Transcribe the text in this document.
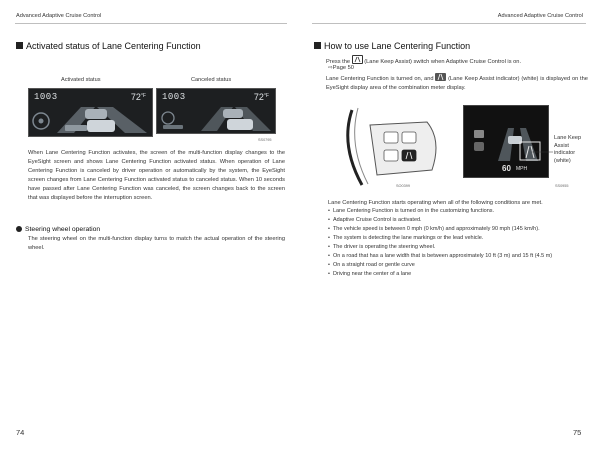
Advanced Adaptive Cruise Control	Advanced Adaptive Cruise Control
Activated status of Lane Centering Function
Activated status	Canceled status
1003	$72^{^\circ F}$ 1003	$72^{^\circ F}$
SS0795
When Lane Centering Function activates, the screen of the multi-function display changes to the EyeSight screen and shows Lane Centering Function activated status. When operation of Lane Centering Function is canceled by driver operation or automatically by the system, the EyeSight screen changes from Lane Centering Function activated status to canceled status. When 10 seconds have passed after Lane Centering Function was canceled, the screen changes back to the screen that was displayed before the interruption screen.
Steering wheel operation
The steering wheel on the multi-function display turns to match the actual operation of the steering wheel.
How to use Lane Centering Function
Press the (Lane Keep Assist) switch when Adaptive Cruise Control is on.
⇨Page 50
Lane Centering Function is turned on, and	(Lane Keep Assist indicator) (white) is displayed on the EyeSight display area of the combination meter display.
60 MPH
Lane Keep Assist indicator (white)
SO0399	SS0955
Lane Centering Function starts operating when all of the following conditions are met.
• Lane Centering Function is turned on in the customizing functions.
• Adaptive Cruise Control is activated.
• The vehicle speed is between 0 mph (0 km/h) and approximately 90 mph (145 km/h).
• The system is detecting the lane markings or the lead vehicle.
• The driver is operating the steering wheel.
• On a road that has a lane width that is between approximately 10 ft (3 m) and 15 ft (4.5 m)
• On a straight road or gentle curve
• Driving near the center of a lane
74	75
